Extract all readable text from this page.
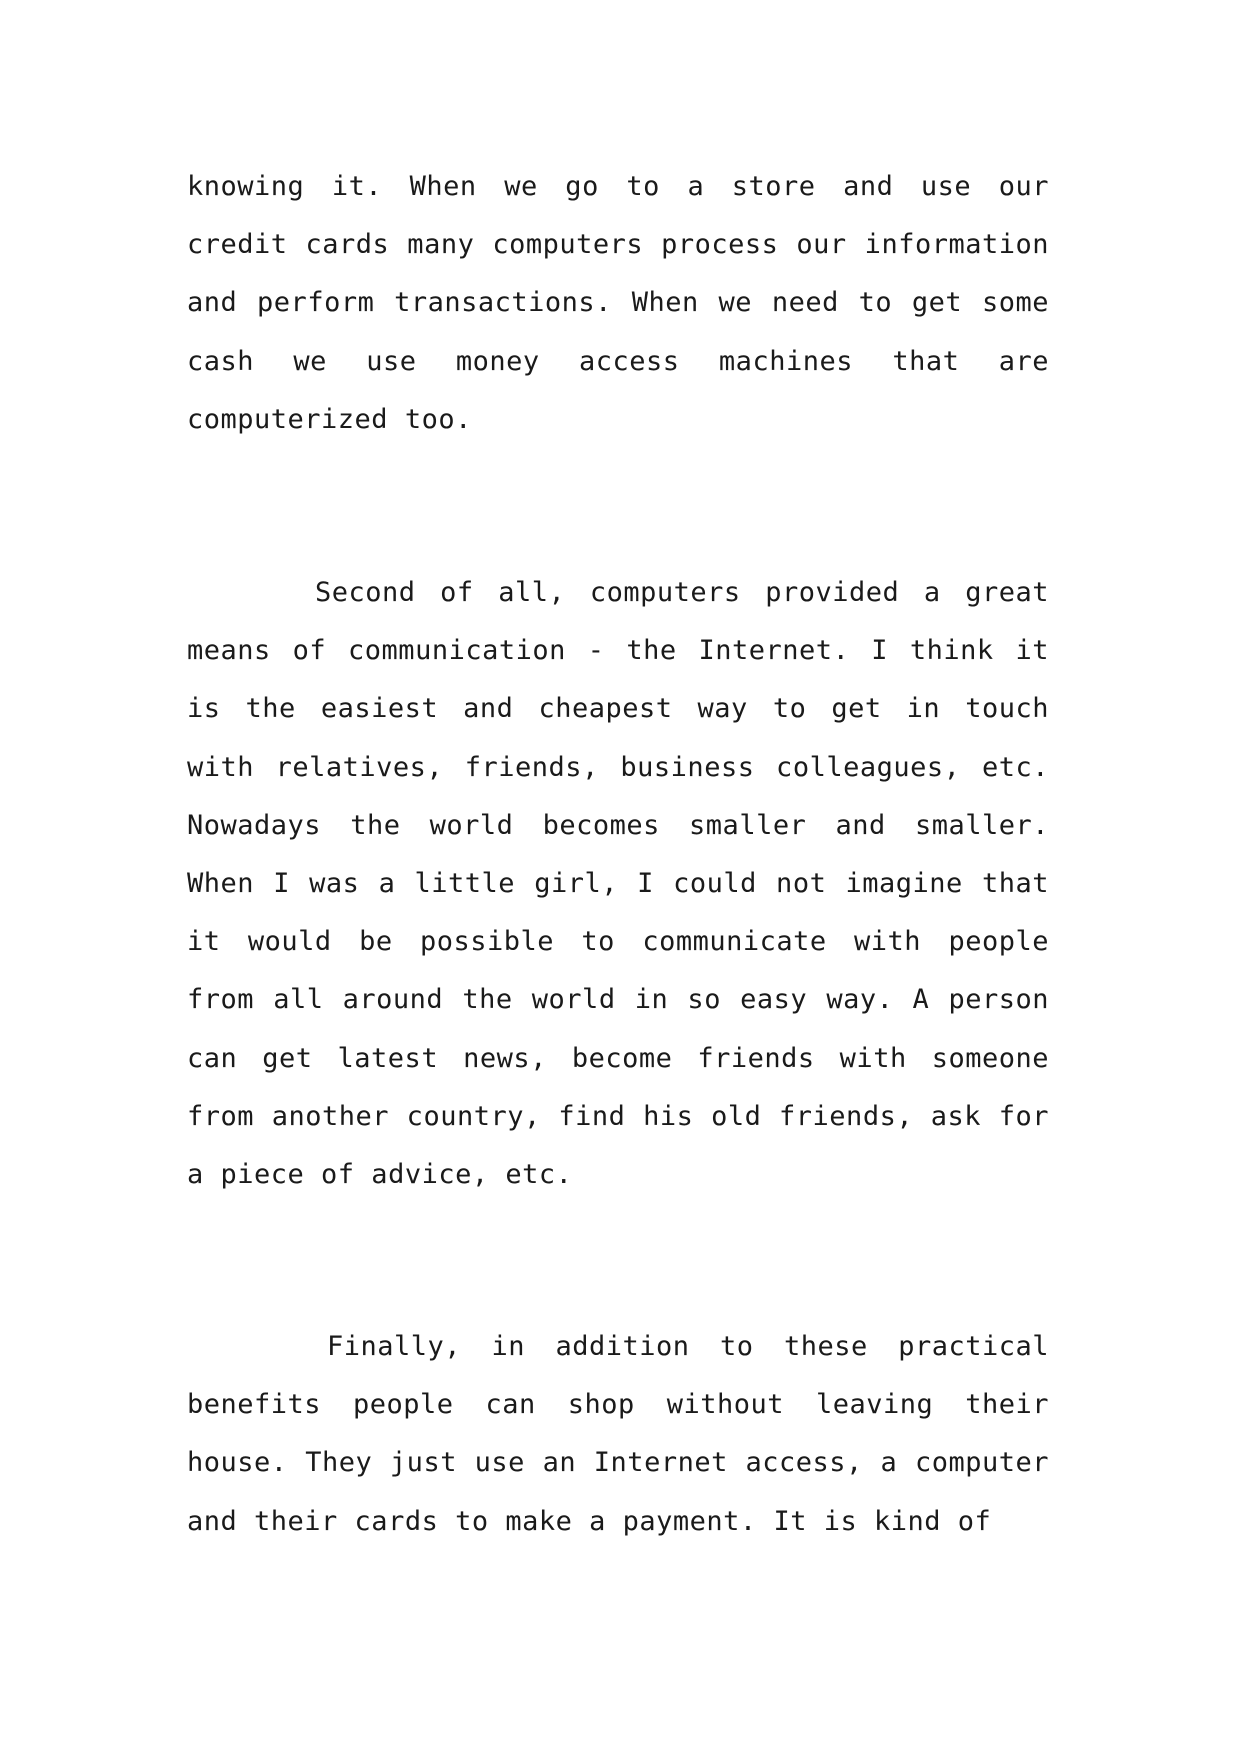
knowing it. When we go to a store and use our credit cards many computers process our information and perform transactions. When we need to get some cash we use money access machines that are computerized too.

Second of all, computers provided a great means of communication - the Internet. I think it is the easiest and cheapest way to get in touch with relatives, friends, business colleagues, etc. Nowadays the world becomes smaller and smaller. When I was a little girl, I could not imagine that it would be possible to communicate with people from all around the world in so easy way. A person can get latest news, become friends with someone from another country, find his old friends, ask for a piece of advice, etc.

Finally, in addition to these practical benefits people can shop without leaving their house. They just use an Internet access, a computer and their cards to make a payment. It is kind of
